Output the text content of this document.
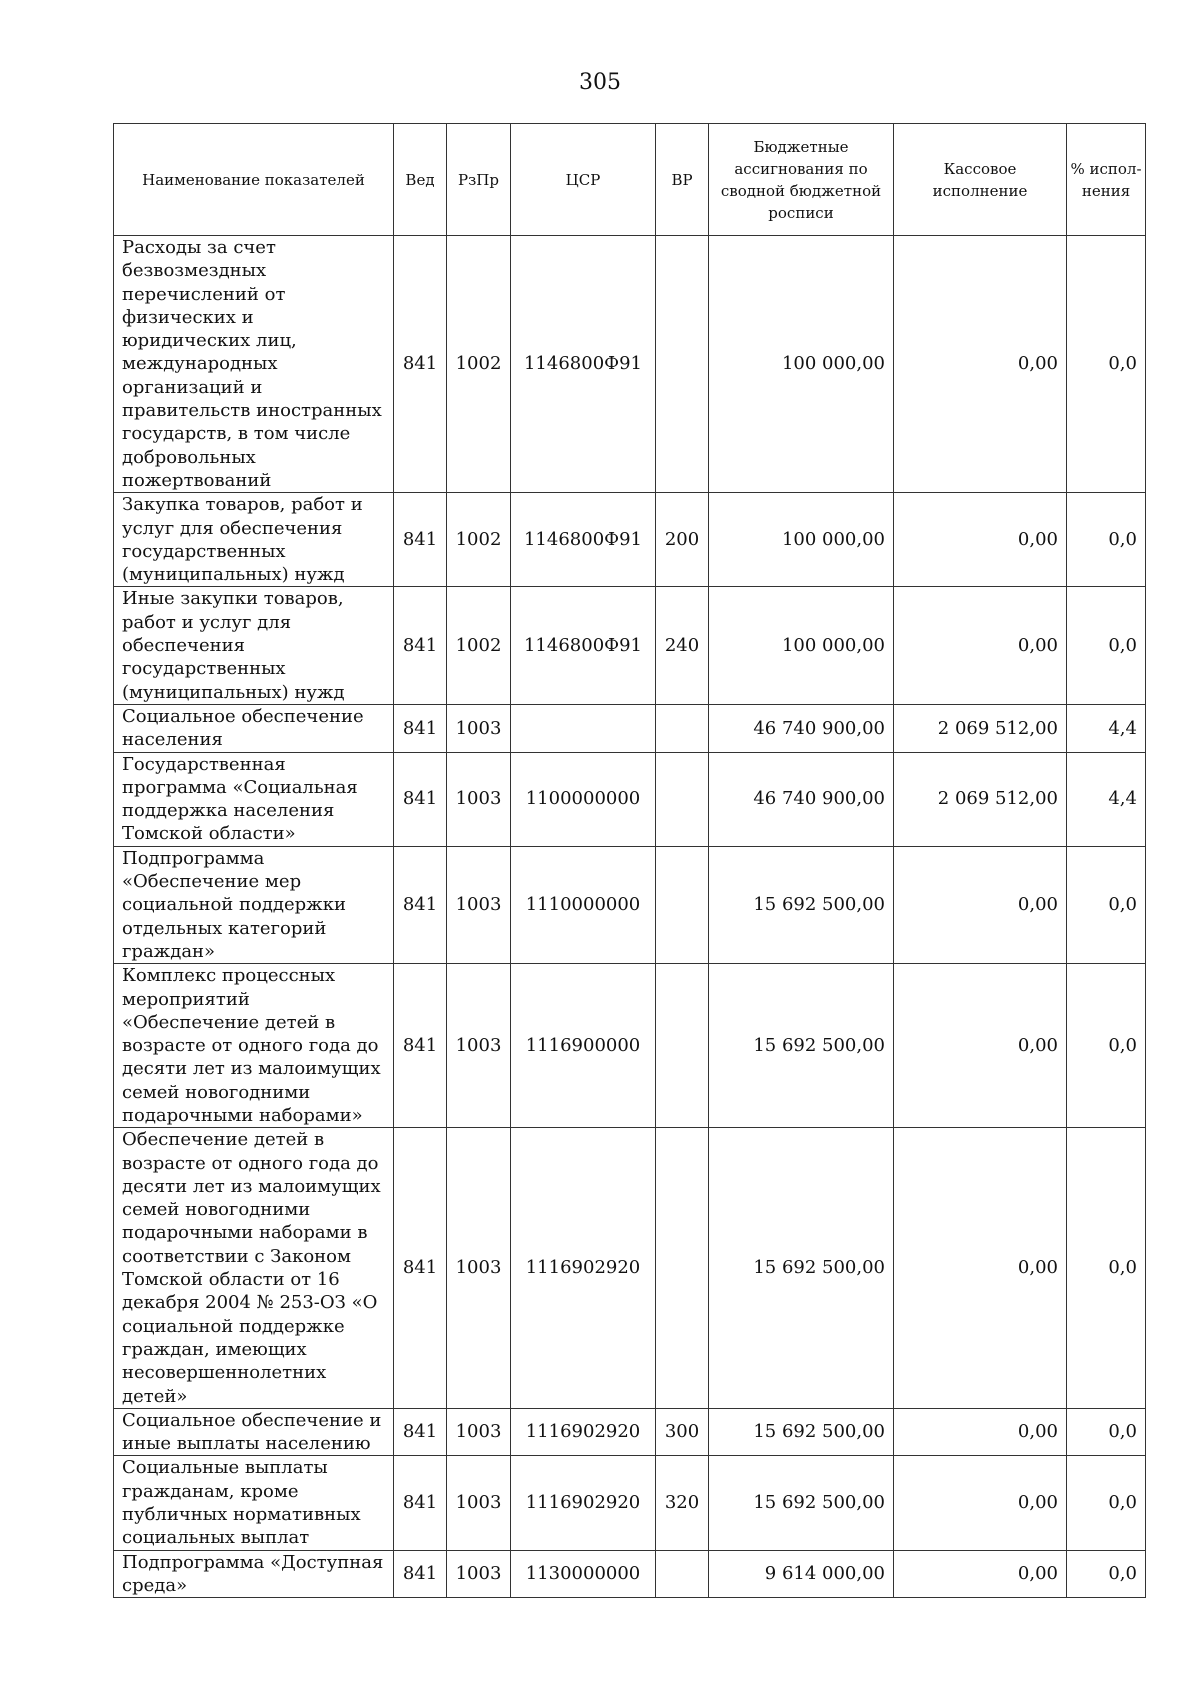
305
Наименование показателей	Вед	РзПр	ЦСР	ВР	Бюджетные ассигнования по сводной бюджетной росписи	Кассовое исполнение	% испол-нения
Расходы за счет безвозмездных перечислений от физических и юридических лиц, международных организаций и правительств иностранных государств, в том числе добровольных пожертвований	841	1002	1146800Ф91		100 000,00	0,00	0,0
Закупка товаров, работ и услуг для обеспечения государственных (муниципальных) нужд	841	1002	1146800Ф91	200	100 000,00	0,00	0,0
Иные закупки товаров, работ и услуг для обеспечения государственных (муниципальных) нужд	841	1002	1146800Ф91	240	100 000,00	0,00	0,0
Социальное обеспечение населения	841	1003			46 740 900,00	2 069 512,00	4,4
Государственная программа «Социальная поддержка населения Томской области»	841	1003	1100000000		46 740 900,00	2 069 512,00	4,4
Подпрограмма «Обеспечение мер социальной поддержки отдельных категорий граждан»	841	1003	1110000000		15 692 500,00	0,00	0,0
Комплекс процессных мероприятий «Обеспечение детей в возрасте от одного года до десяти лет из малоимущих семей новогодними подарочными наборами»	841	1003	1116900000		15 692 500,00	0,00	0,0
Обеспечение детей в возрасте от одного года до десяти лет из малоимущих семей новогодними подарочными наборами в соответствии с Законом Томской области от 16 декабря 2004 № 253-ОЗ «О социальной поддержке граждан, имеющих несовершеннолетних детей»	841	1003	1116902920		15 692 500,00	0,00	0,0
Социальное обеспечение и иные выплаты населению	841	1003	1116902920	300	15 692 500,00	0,00	0,0
Социальные выплаты гражданам, кроме публичных нормативных социальных выплат	841	1003	1116902920	320	15 692 500,00	0,00	0,0
Подпрограмма «Доступная среда»	841	1003	1130000000		9 614 000,00	0,00	0,0
